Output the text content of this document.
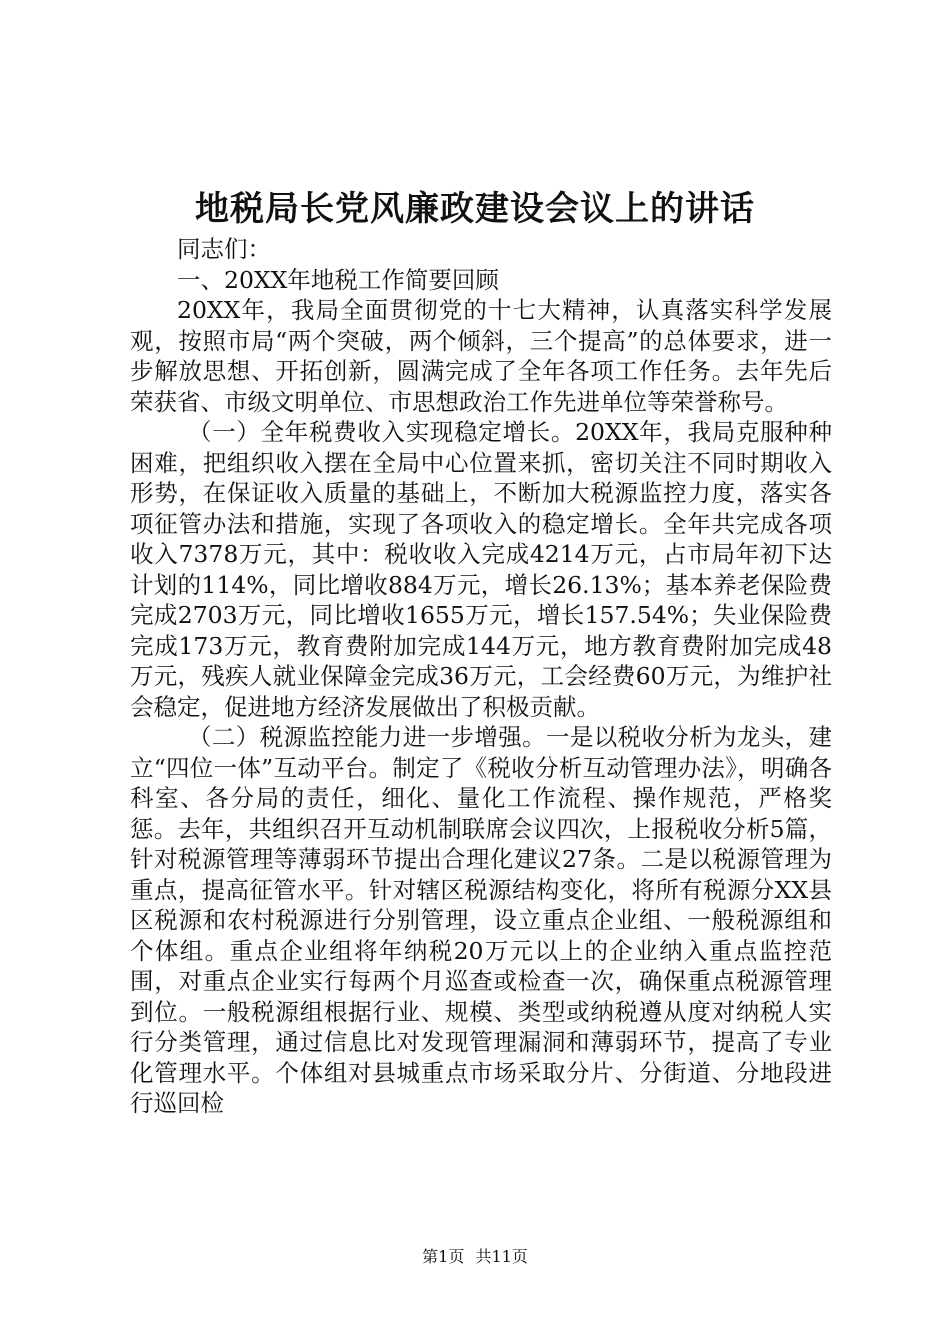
地税局长党风廉政建设会议上的讲话

同志们：

一、20XX年地税工作简要回顾

20XX年，我局全面贯彻党的十七大精神，认真落实科学发展观，按照市局“两个突破，两个倾斜，三个提高”的总体要求，进一步解放思想、开拓创新，圆满完成了全年各项工作任务。去年先后荣获省、市级文明单位、市思想政治工作先进单位等荣誉称号。

（一）全年税费收入实现稳定增长。20XX年，我局克服种种困难，把组织收入摆在全局中心位置来抓，密切关注不同时期收入形势，在保证收入质量的基础上，不断加大税源监控力度，落实各项征管办法和措施，实现了各项收入的稳定增长。全年共完成各项收入7378万元，其中：税收收入完成4214万元，占市局年初下达计划的114%，同比增收884万元，增长26.13%；基本养老保险费完成2703万元，同比增收1655万元，增长157.54%；失业保险费完成173万元，教育费附加完成144万元，地方教育费附加完成48万元，残疾人就业保障金完成36万元，工会经费60万元，为维护社会稳定，促进地方经济发展做出了积极贡献。

（二）税源监控能力进一步增强。一是以税收分析为龙头，建立“四位一体”互动平台。制定了《税收分析互动管理办法》，明确各科室、各分局的责任，细化、量化工作流程、操作规范，严格奖惩。去年，共组织召开互动机制联席会议四次，上报税收分析5篇，针对税源管理等薄弱环节提出合理化建议27条。二是以税源管理为重点，提高征管水平。针对辖区税源结构变化，将所有税源分XX县区税源和农村税源进行分别管理，设立重点企业组、一般税源组和个体组。重点企业组将年纳税20万元以上的企业纳入重点监控范围，对重点企业实行每两个月巡查或检查一次，确保重点税源管理到位。一般税源组根据行业、规模、类型或纳税遵从度对纳税人实行分类管理，通过信息比对发现管理漏洞和薄弱环节，提高了专业化管理水平。个体组对县城重点市场采取分片、分街道、分地段进行巡回检

第1页 共11页
